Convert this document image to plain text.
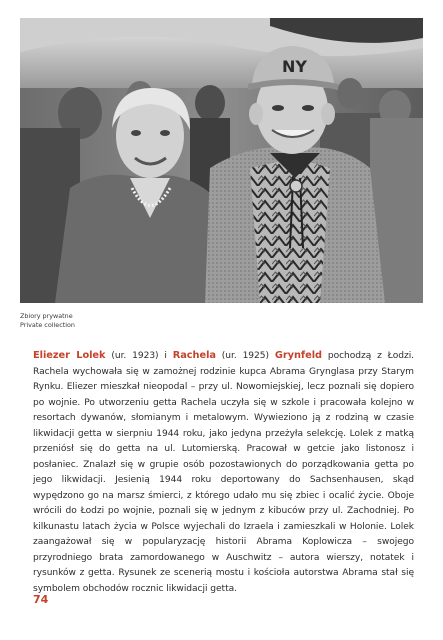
NY
Zbiory prywatne
Private collection
Eliezer Lolek (ur. 1923) i Rachela (ur. 1925) Grynfeld pochodzą z Łodzi. Rachela wychowała się w zamożnej rodzinie kupca Abrama Grynglasa przy Starym Rynku. Eliezer mieszkał nieopodal – przy ul. Nowomiejskiej, lecz poznali się dopiero po wojnie. Po utworzeniu getta Rachela uczyła się w szkole i pracowała kolejno w resortach dywanów, słomianym i metalowym. Wywieziono ją z rodziną w czasie likwidacji getta w sierpniu 1944 roku, jako jedyna przeżyła selekcję. Lolek z matką przeniósł się do getta na ul. Lutomierską. Pracował w getcie jako listonosz i posłaniec. Znalazł się w grupie osób pozostawionych do porządkowania getta po jego likwidacji. Jesienią 1944 roku deportowany do Sachsenhausen, skąd wypędzono go na marsz śmierci, z którego udało mu się zbiec i ocalić życie. Oboje wrócili do Łodzi po wojnie, poznali się w jednym z kibuców przy ul. Zachodniej. Po kilkunastu latach życia w Polsce wyjechali do Izraela i zamieszkali w Holonie. Lolek zaangażował się w popularyzację historii Abrama Koplowicza – swojego przyrodniego brata zamordowanego w Auschwitz – autora wierszy, notatek i rysunków z getta. Rysunek ze scenerią mostu i kościoła autorstwa Abrama stał się symbolem obchodów rocznic likwidacji getta.
74
